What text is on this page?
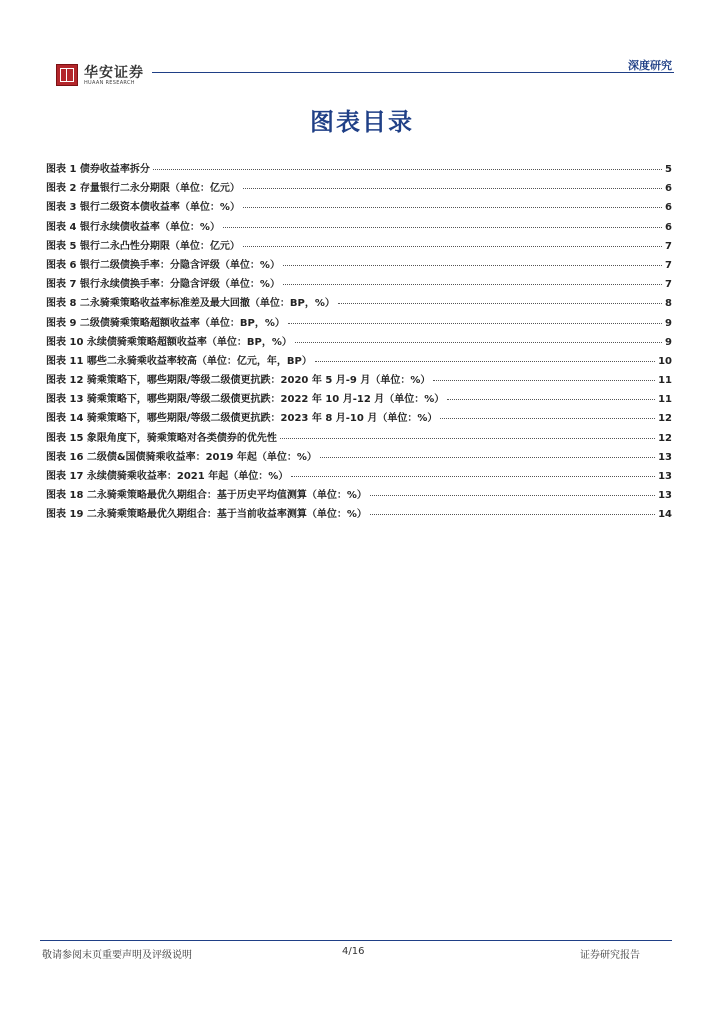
华安证券
HUAAN RESEARCH
深度研究
图表目录
图表 1 债券收益率拆分	5
图表 2 存量银行二永分期限（单位：亿元）	6
图表 3 银行二级资本债收益率（单位：%）	6
图表 4 银行永续债收益率（单位：%）	6
图表 5 银行二永凸性分期限（单位：亿元）	7
图表 6 银行二级债换手率：分隐含评级（单位：%）	7
图表 7 银行永续债换手率：分隐含评级（单位：%）	7
图表 8 二永骑乘策略收益率标准差及最大回撤（单位：BP，%）	8
图表 9 二级债骑乘策略超额收益率（单位：BP，%）	9
图表 10 永续债骑乘策略超额收益率（单位：BP，%）	9
图表 11 哪些二永骑乘收益率较高（单位：亿元，年，BP）	10
图表 12 骑乘策略下，哪些期限/等级二级债更抗跌：2020 年 5 月-9 月（单位：%）	11
图表 13 骑乘策略下，哪些期限/等级二级债更抗跌：2022 年 10 月-12 月（单位：%）	11
图表 14 骑乘策略下，哪些期限/等级二级债更抗跌：2023 年 8 月-10 月（单位：%）	12
图表 15 象限角度下，骑乘策略对各类债券的优先性	12
图表 16 二级债&国债骑乘收益率：2019 年起（单位：%）	13
图表 17 永续债骑乘收益率：2021 年起（单位：%）	13
图表 18 二永骑乘策略最优久期组合：基于历史平均值测算（单位：%）	13
图表 19 二永骑乘策略最优久期组合：基于当前收益率测算（单位：%）	14
敬请参阅末页重要声明及评级说明	4/16	证券研究报告
